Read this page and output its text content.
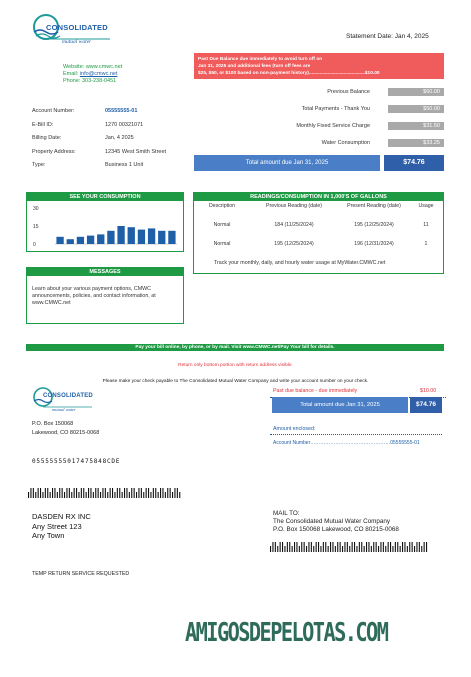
CONSOLIDATED
mutual water
Website: www.cmwc.net
Email: info@cmwc.net
Phone: 303-238-0451
Statement Date: Jan 4, 2025
Past Due Balance due immediately to avoid turn off on
Jan 31, 2025 and additional fees (turn off fees are
$25, $50, or $100 based on non-payment history)..........................................$10.00
Account Number:	05555555-01
E-Bill ID:	1270 00321071
Billing Date:	Jan, 4 2025
Property Address:	12345 West Smith Street
Type:	Business 1 Unit
Previous Balance	$60.00
Total Payments - Thank You	$50.00
Monthly Fixed Service Charge	$31.50
Water Consumption	$33.25
Total amount due Jan 31, 2025	$74.76
SEE YOUR CONSUMPTION
30
15
0
READINGS/CONSUMPTION IN 1,000'S OF GALLONS
Description	Previous Reading (date)	Present Reading (date)	Usage
Normal	184 (11/25/2024)	195 (12/25/2024)	11
Normal	195 (12/25/2024)	196 (12/31/2024)	1
Track your monthly, daily, and hourly water usage at MyWater.CMWC.net
MESSAGES
Learn about your various payment options, CMWC announcements, policies, and contact information, at www.CMWC.net
Pay your bill online, by phone, or by mail. Visit www.CMWC.net/Pay Your bill for details.
Return only bottom portion with return address visible.
Please make your check payable to The Consolidated Mutual Water Company and write your account number on your check.
CONSOLIDATED
mutual water
P.O. Box 150068
Lakewood, CO 80215-0068
05555555017475848CDE
Past due balance - due immediately	$10.00
Total amount due Jan 31, 2025	$74.76
Amount enclosed:
Account Number…………………………………………05555555-01
DASDEN RX INC
Any Street 123
Any Town
MAIL TO:
The Consolidated Mutual Water Company
P.O. Box 150068 Lakewood, CO 80215-0068
TEMP RETURN SERVICE REQUESTED
AMIGOSDEPELOTAS.COM
